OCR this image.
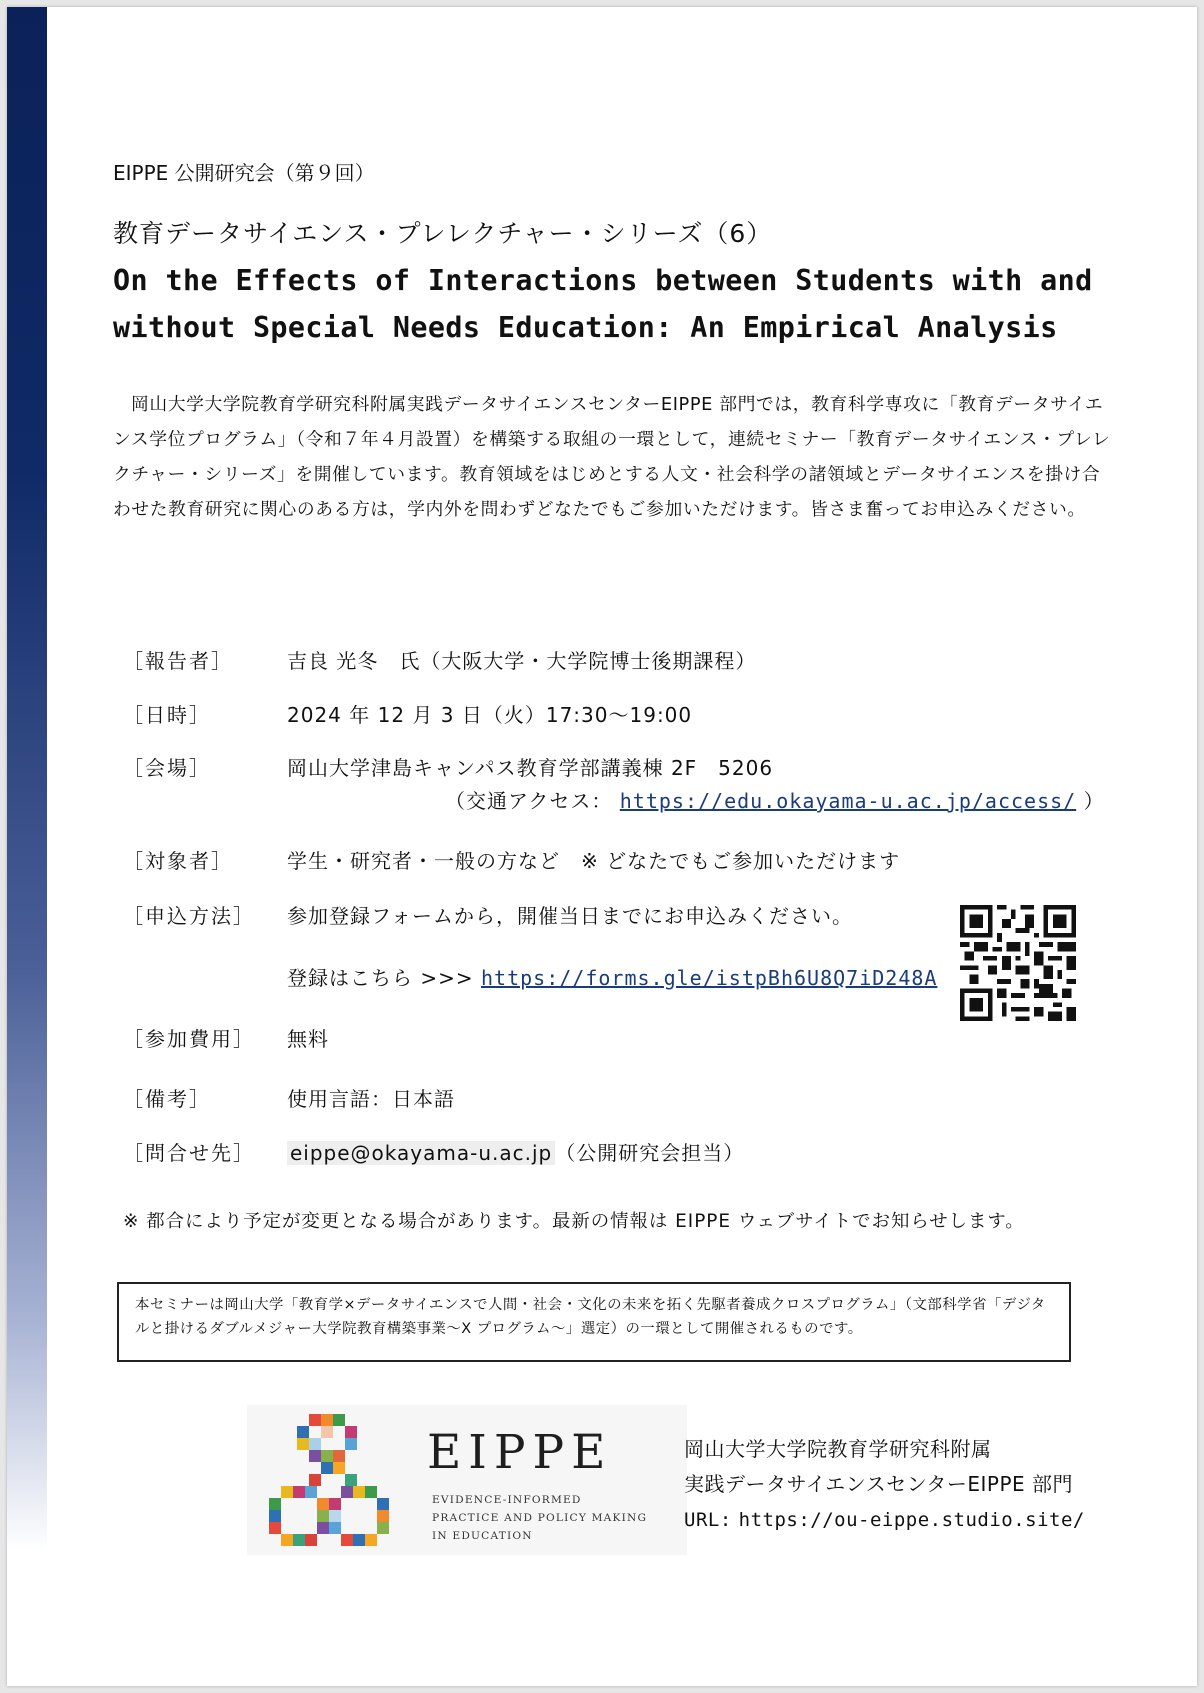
EIPPE 公開研究会（第９回）
教育データサイエンス・プレレクチャー・シリーズ（6）
On the Effects of Interactions between Students with and
without Special Needs Education: An Empirical Analysis
岡山大学大学院教育学研究科附属実践データサイエンスセンターEIPPE 部門では，教育科学専攻に「教育データサイエンス学位プログラム」（令和７年４月設置）を構築する取組の一環として，連続セミナー「教育データサイエンス・プレレクチャー・シリーズ」を開催しています。教育領域をはじめとする人文・社会科学の諸領域とデータサイエンスを掛け合わせた教育研究に関心のある方は，学内外を問わずどなたでもご参加いただけます。皆さま奮ってお申込みください。
［報告者］	吉良 光冬　氏（大阪大学・大学院博士後期課程）
［日時］	2024 年 12 月 3 日（火）17:30～19:00
［会場］	岡山大学津島キャンパス教育学部講義棟 2F　5206
（交通アクセス： https://edu.okayama-u.ac.jp/access/ ）
［対象者］	学生・研究者・一般の方など　※ どなたでもご参加いただけます
［申込方法］ 参加登録フォームから，開催当日までにお申込みください。
登録はこちら >>> https://forms.gle/istpBh6U8Q7iD248A
［参加費用］ 無料
［備考］	使用言語：日本語
［問合せ先］ eippe@okayama-u.ac.jp （公開研究会担当）
※ 都合により予定が変更となる場合があります。最新の情報は EIPPE ウェブサイトでお知らせします。
本セミナーは岡山大学「教育学×データサイエンスで人間・社会・文化の未来を拓く先駆者養成クロスプログラム」（文部科学省「デジタルと掛けるダブルメジャー大学院教育構築事業～X プログラム～」選定）の一環として開催されるものです。
EIPPE
EVIDENCE-INFORMED
PRACTICE AND POLICY MAKING
IN EDUCATION
岡山大学大学院教育学研究科附属
実践データサイエンスセンターEIPPE 部門
URL: https://ou-eippe.studio.site/
